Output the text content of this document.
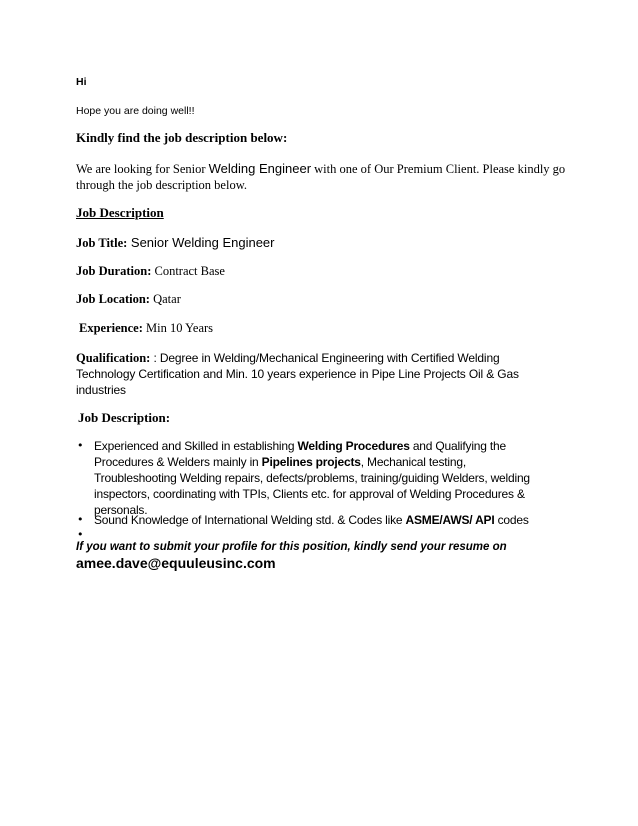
Hi
Hope you are doing well!!
Kindly find the job description below:
We are looking for Senior Welding Engineer with one of Our Premium Client. Please kindly go
through the job description below.
Job Description
Job Title: Senior Welding Engineer
Job Duration: Contract Base
Job Location: Qatar
Experience: Min 10 Years
Qualification: : Degree in Welding/Mechanical Engineering with Certified Welding
Technology Certification and Min. 10 years experience in Pipe Line Projects Oil & Gas
industries
Job Description:
• Experienced and Skilled in establishing Welding Procedures and Qualifying the
Procedures & Welders mainly in Pipelines projects, Mechanical testing,
Troubleshooting Welding repairs, defects/problems, training/guiding Welders, welding
inspectors, coordinating with TPIs, Clients etc. for approval of Welding Procedures &
personals.
• Sound Knowledge of International Welding std. & Codes like ASME/AWS/ API codes
•
If you want to submit your profile for this position, kindly send your resume on
amee.dave@equuleusinc.com
